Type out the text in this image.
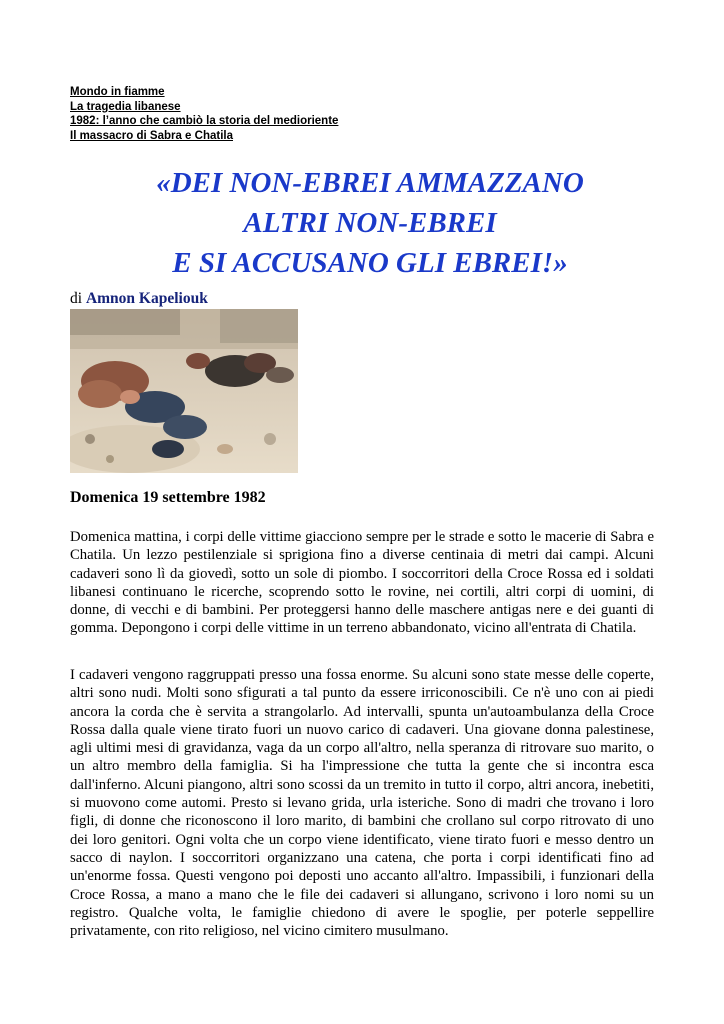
Mondo in fiamme
La tragedia libanese
1982: l’anno che cambiò la storia del medioriente
Il massacro di Sabra e Chatila
«DEI NON-EBREI AMMAZZANO
ALTRI NON-EBREI
E SI ACCUSANO GLI EBREI!»
di Amnon Kapeliouk
Domenica 19 settembre 1982

Domenica mattina, i corpi delle vittime giacciono sempre per le strade e sotto le macerie di Sabra e Chatila. Un lezzo pestilenziale si sprigiona fino a diverse centinaia di metri dai campi. Alcuni cadaveri sono lì da giovedì, sotto un sole di piombo. I soccorritori della Croce Rossa ed i soldati libanesi continuano le ricerche, scoprendo sotto le rovine, nei cortili, altri corpi di uomini, di donne, di vecchi e di bambini. Per proteggersi hanno delle maschere antigas nere e dei guanti di gomma. Depongono i corpi delle vittime in un terreno abbandonato, vicino all'entrata di Chatila.

I cadaveri vengono raggruppati presso una fossa enorme. Su alcuni sono state messe delle coperte, altri sono nudi. Molti sono sfigurati a tal punto da essere irriconoscibili. Ce n'è uno con ai piedi ancora la corda che è servita a strangolarlo. Ad intervalli, spunta un'autoambulanza della Croce Rossa dalla quale viene tirato fuori un nuovo carico di cadaveri. Una giovane donna palestinese, agli ultimi mesi di gravidanza, vaga da un corpo all'altro, nella speranza di ritrovare suo marito, o un altro membro della famiglia. Si ha l'impressione che tutta la gente che si incontra esca dall'inferno. Alcuni piangono, altri sono scossi da un tremito in tutto il corpo, altri ancora, inebetiti, si muovono come automi. Presto si levano grida, urla isteriche. Sono di madri che trovano i loro figli, di donne che riconoscono il loro marito, di bambini che crollano sul corpo ritrovato di uno dei loro genitori. Ogni volta che un corpo viene identificato, viene tirato fuori e messo dentro un sacco di naylon. I soccorritori organizzano una catena, che porta i corpi identificati fino ad un'enorme fossa. Questi vengono poi deposti uno accanto all'altro. Impassibili, i funzionari della Croce Rossa, a mano a mano che le file dei cadaveri si allungano, scrivono i loro nomi su un registro. Qualche volta, le famiglie chiedono di avere le spoglie, per poterle seppellire privatamente, con rito religioso, nel vicino cimitero musulmano.
